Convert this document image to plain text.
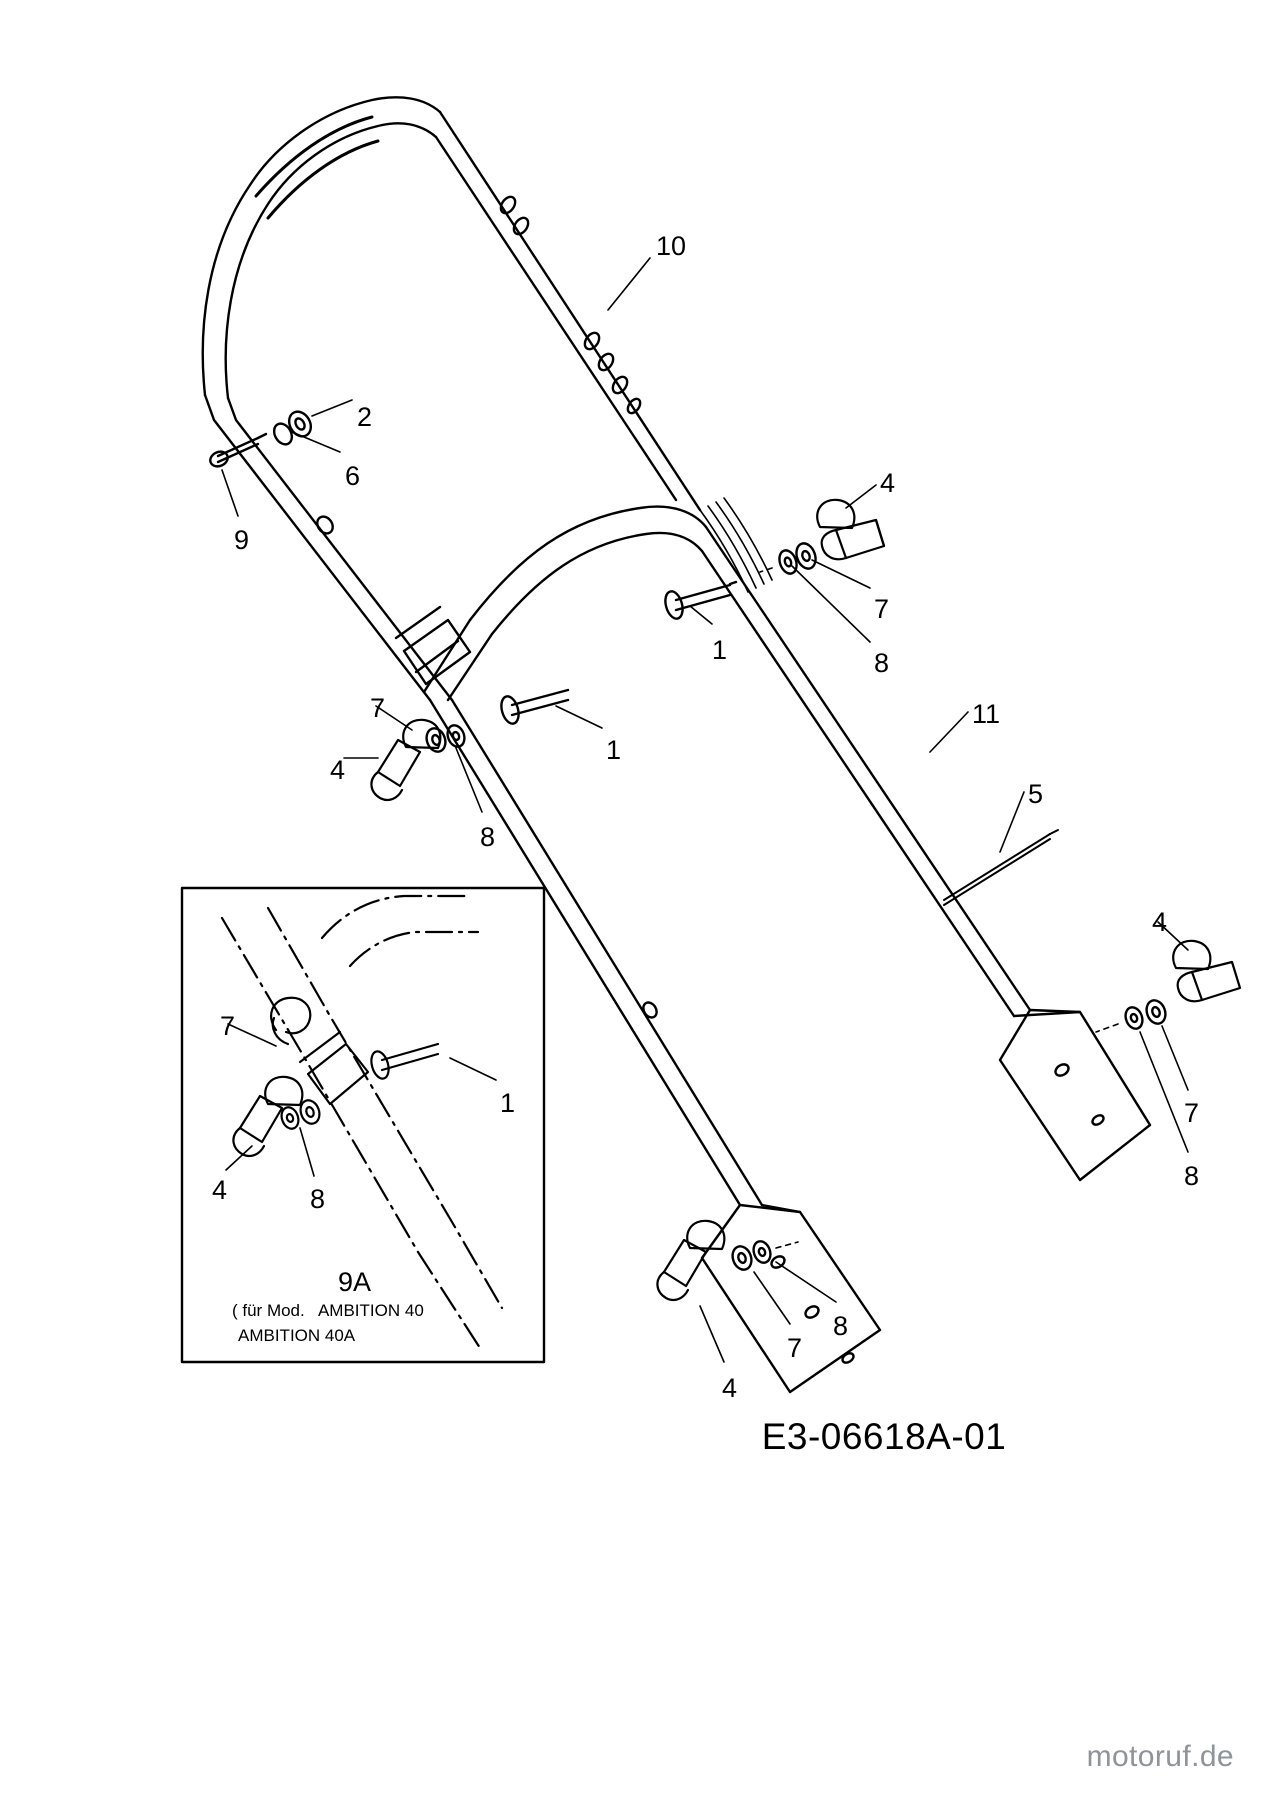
10
2
6
9
4
7
8
1
11
5
7
4
8
1
4
7
8
4
7
8
7
1
4	8
9A
( für Mod.   AMBITION 40
AMBITION 40A
E3-06618A-01
motoruf.de
